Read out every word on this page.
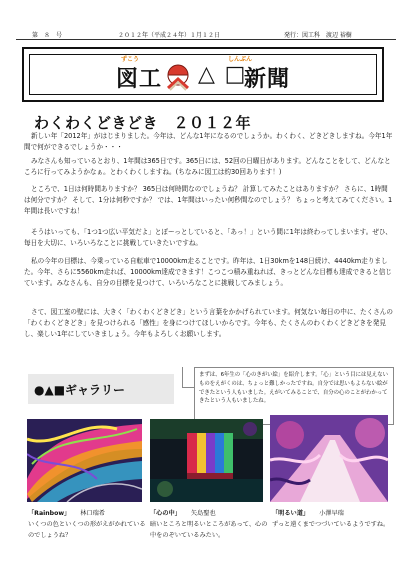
第　８　号	２０１２年（平成２４年）１月１２日	発行：図工科　渡辺 裕樹
ずこう	しんぶん
図工 △ □
新聞
わくわくどきどき　２０１２年

新しい年「2012年」がはじまりました。今年は、どんな1年になるのでしょうか。わくわく、どきどきしますね。今年1年間で何ができるでしょうか・・・

みなさんも知っているとおり、1年間は365日です。365日には、52回の日曜日があります。どんなことをして、どんなところに行ってみようかなぁ。とわくわくしますね。(ちなみに図工は約30回あります！)

ところで、1日は何時間ありますか？ 365日は何時間なのでしょうね？ 計算してみたことはありますか？ さらに、1時間は何分ですか？ そして、1分は何秒ですか？ では、1年間はいったい何秒間なのでしょう？ ちょっと考えてみてください。1年間は長いですね！

そうはいっても、「1つ1つ広い平気だよ」とぼーっとしていると、「あっ！」という間に1年は終わってしまいます。ぜひ、毎日を大切に、いろいろなことに挑戦していきたいですね。

私の今年の目標は、今乗っている自転車で10000km走ることです。昨年は、1日30kmを148日続け、4440km走りました。今年、さらに5560km走れば、10000km達成できます！こつこつ積み重ねれば、きっとどんな目標も達成できると信じています。みなさんも、自分の目標を見つけて、いろいろなことに挑戦してみましょう。

さて、図工室の壁には、大きく「わくわくどきどき」という言葉をかかげられています。何気ない毎日の中に、たくさんの「わくわくどきどき」を見つけられる「感性」を身につけてほしいからです。今年も、たくさんのわくわくどきどきを発見し、楽しい1年にしていきましょう。今年もよろしくお願いします。

●▲■ギャラリー
まずは、6年生の「心のきがい絵」を紹介します。「心」という目には見えないものをえがくのは、ちょっと難しかったですね。自分では思いもよらない絵ができたという人もいました。えがいてみることで、自分の心のことがわかってきたという人もいましたね。
「Rainbow」 林口瑞希
いくつの色といくつの形がえがかれているのでしょうね？
「心の中」 矢島聖也
暗いところと明るいところがあって、心の中をのぞいているみたい。
「明るい道」 小澤早瑞
ずっと遠くまでつづいているようですね。
